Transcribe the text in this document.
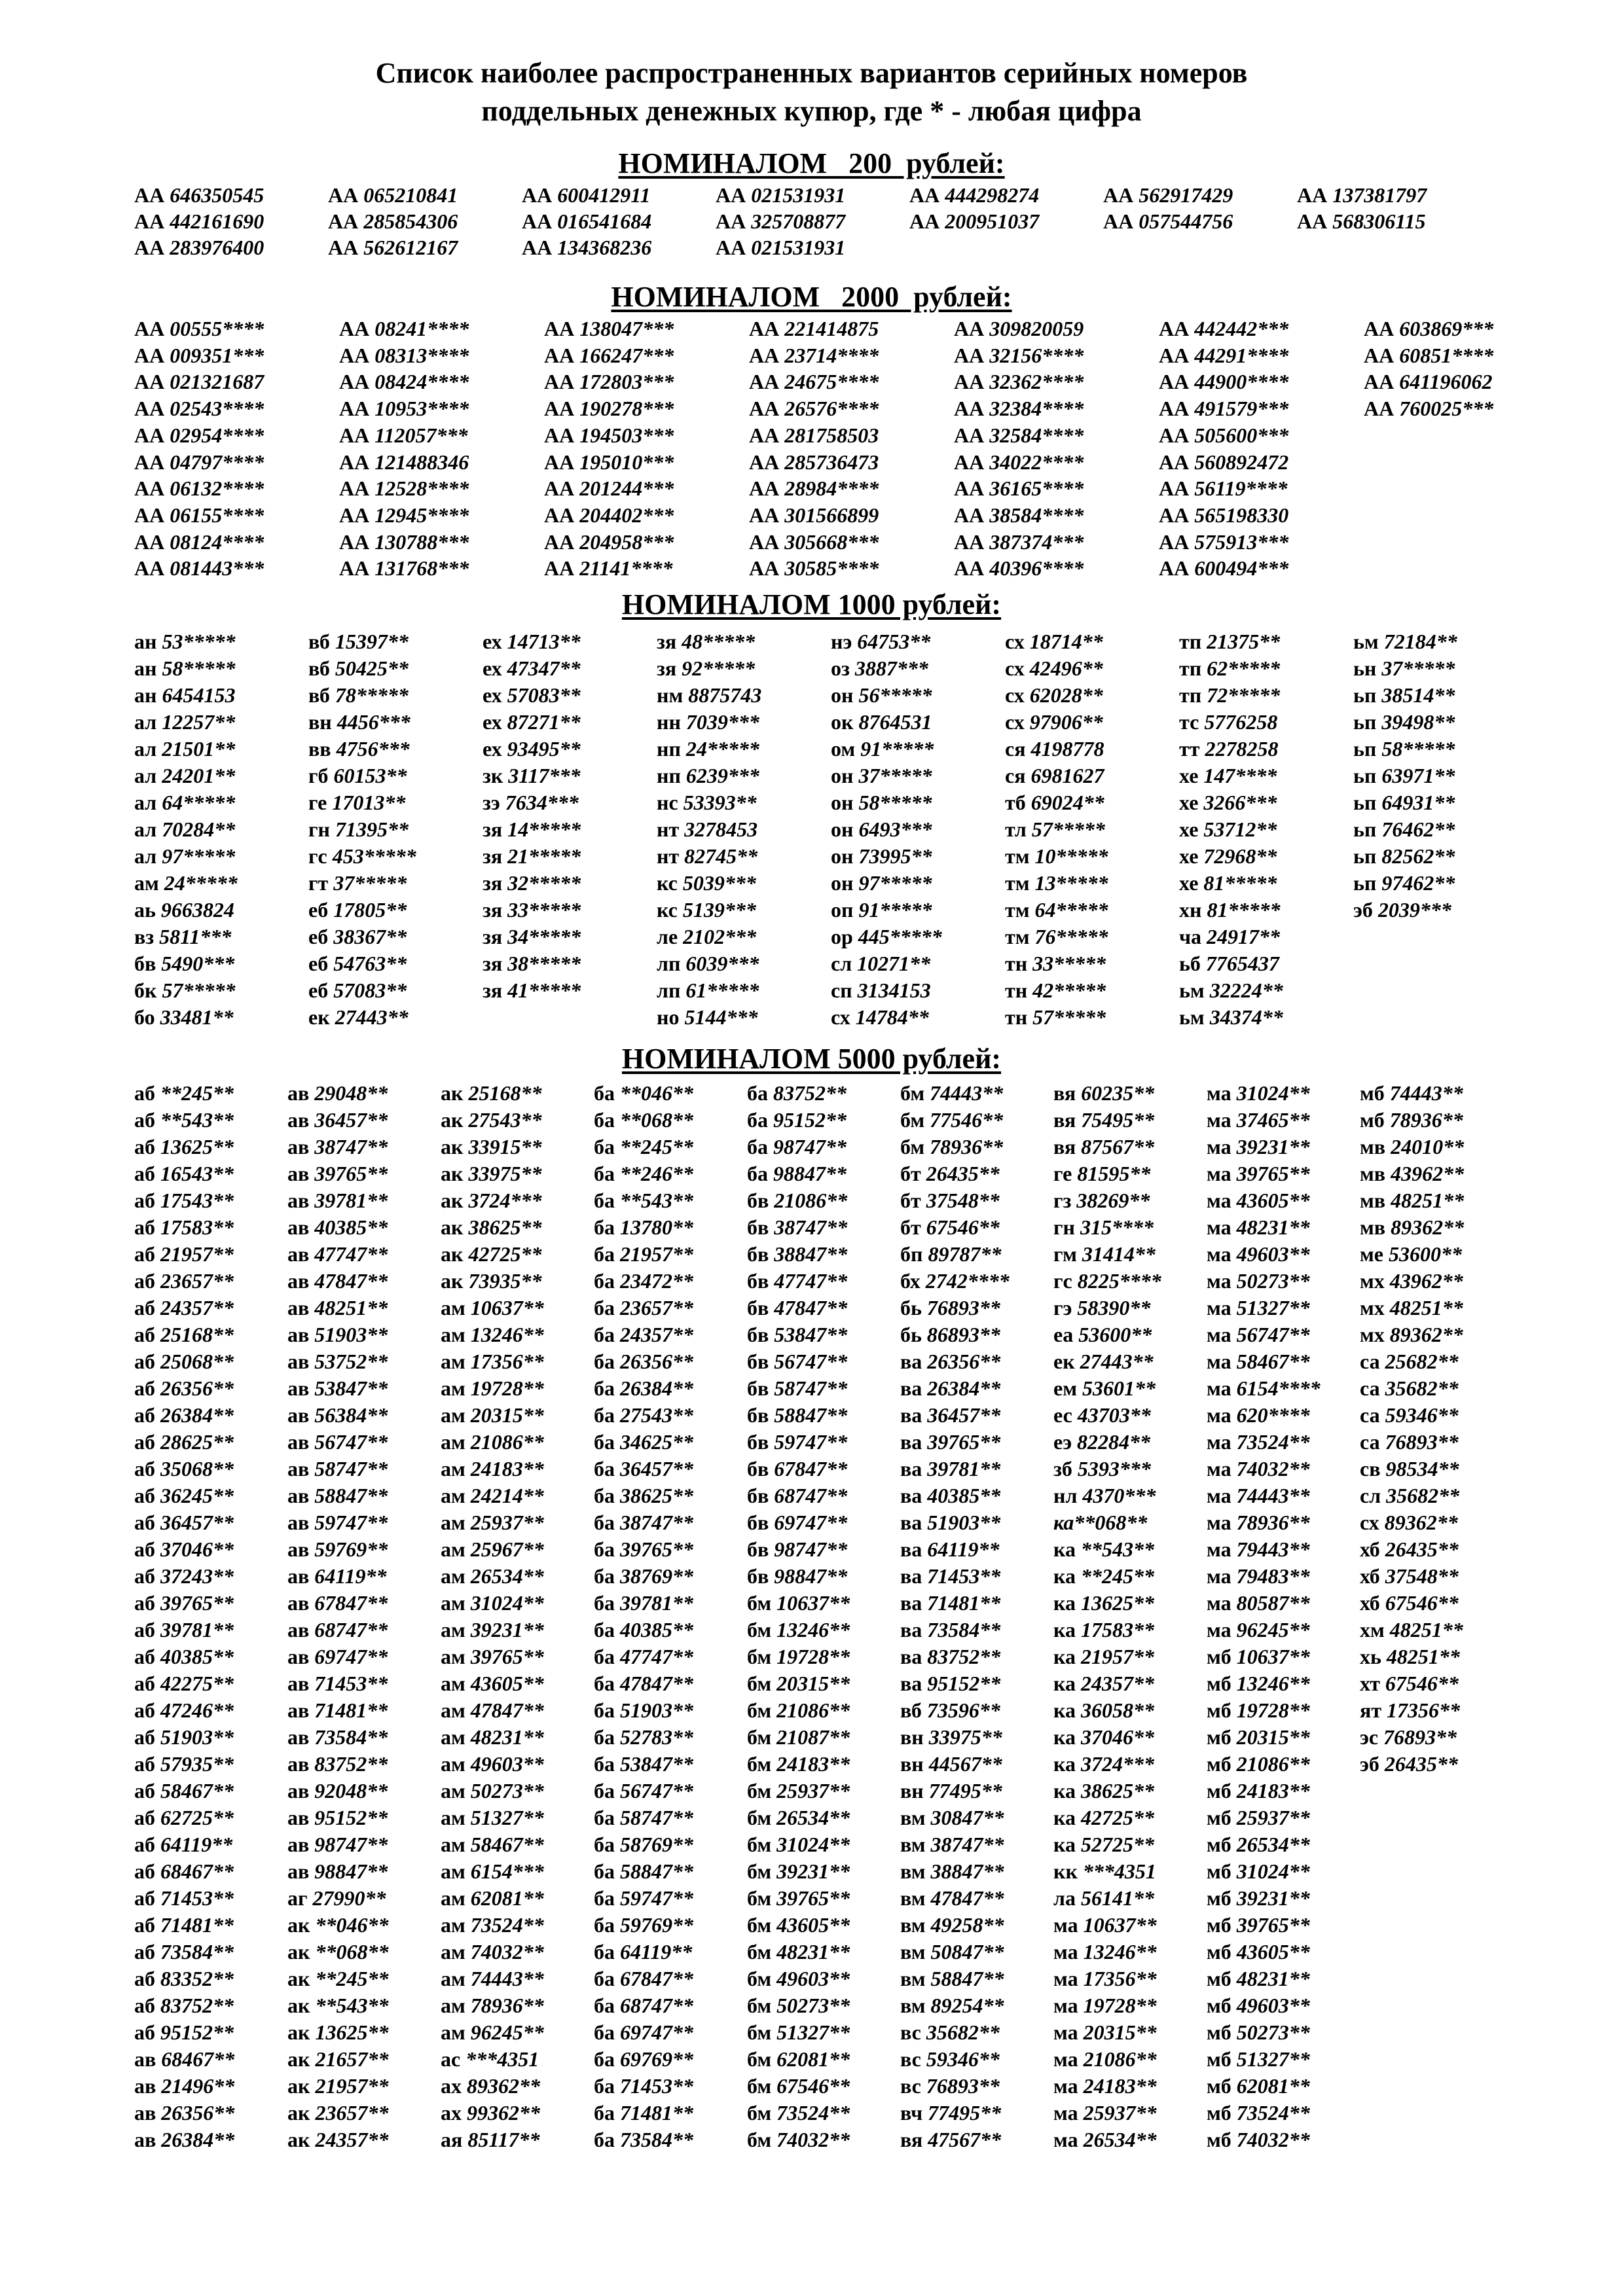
Список наиболее распространенных вариантов серийных номеров
поддельных денежных купюр, где * - любая цифра
НОМИНАЛОМ   200  рублей:
АА 646350545
АА 442161690
АА 283976400
АА 065210841
АА 285854306
АА 562612167
АА 600412911
АА 016541684
АА 134368236
АА 021531931
АА 325708877
АА 021531931
АА 444298274
АА 200951037
АА 562917429
АА 057544756
АА 137381797
АА 568306115
НОМИНАЛОМ   2000  рублей:
АА 00555****
АА 009351***
АА 021321687
АА 02543****
АА 02954****
АА 04797****
АА 06132****
АА 06155****
АА 08124****
АА 081443***
АА 08241****
АА 08313****
АА 08424****
АА 10953****
АА 112057***
АА 121488346
АА 12528****
АА 12945****
АА 130788***
АА 131768***
АА 138047***
АА 166247***
АА 172803***
АА 190278***
АА 194503***
АА 195010***
АА 201244***
АА 204402***
АА 204958***
АА 21141****
АА 221414875
АА 23714****
АА 24675****
АА 26576****
АА 281758503
АА 285736473
АА 28984****
АА 301566899
АА 305668***
АА 30585****
АА 309820059
АА 32156****
АА 32362****
АА 32384****
АА 32584****
АА 34022****
АА 36165****
АА 38584****
АА 387374***
АА 40396****
АА 442442***
АА 44291****
АА 44900****
АА 491579***
АА 505600***
АА 560892472
АА 56119****
АА 565198330
АА 575913***
АА 600494***
АА 603869***
АА 60851****
АА 641196062
АА 760025***
НОМИНАЛОМ 1000 рублей:
ан 53*****
ан 58*****
ан 6454153
ал 12257**
ал 21501**
ал 24201**
ал 64*****
ал 70284**
ал 97*****
ам 24*****
аь 9663824
вз 5811***
бв 5490***
бк 57*****
бо 33481**
вб 15397**
вб 50425**
вб 78*****
вн 4456***
вв 4756***
гб 60153**
ге 17013**
гн 71395**
гс 453*****
гт 37*****
еб 17805**
еб 38367**
еб 54763**
еб 57083**
ек 27443**
ех 14713**
ех 47347**
ех 57083**
ех 87271**
ех 93495**
зк 3117***
зэ 7634***
зя 14*****
зя 21*****
зя 32*****
зя 33*****
зя 34*****
зя 38*****
зя 41*****
зя 48*****
зя 92*****
нм 8875743
нн 7039***
нп 24*****
нп 6239***
нс 53393**
нт 3278453
нт 82745**
кс 5039***
кс 5139***
ле 2102***
лп 6039***
лп 61*****
но 5144***
нэ 64753**
оз 3887***
он 56*****
ок 8764531
ом 91*****
он 37*****
он 58*****
он 6493***
он 73995**
он 97*****
оп 91*****
ор 445*****
сл 10271**
сп 3134153
сх 14784**
сх 18714**
сх 42496**
сх 62028**
сх 97906**
ся 4198778
ся 6981627
тб 69024**
тл 57*****
тм 10*****
тм 13*****
тм 64*****
тм 76*****
тн 33*****
тн 42*****
тн 57*****
тп 21375**
тп 62*****
тп 72*****
тс 5776258
тт 2278258
хе 147****
хе 3266***
хе 53712**
хе 72968**
хе 81*****
хн 81*****
ча 24917**
ьб 7765437
ьм 32224**
ьм 34374**
ьм 72184**
ьн 37*****
ьп 38514**
ьп 39498**
ьп 58*****
ьп 63971**
ьп 64931**
ьп 76462**
ьп 82562**
ьп 97462**
эб 2039***
НОМИНАЛОМ 5000 рублей:
аб **245**
аб **543**
аб 13625**
аб 16543**
аб 17543**
аб 17583**
аб 21957**
аб 23657**
аб 24357**
аб 25168**
аб 25068**
аб 26356**
аб 26384**
аб 28625**
аб 35068**
аб 36245**
аб 36457**
аб 37046**
аб 37243**
аб 39765**
аб 39781**
аб 40385**
аб 42275**
аб 47246**
аб 51903**
аб 57935**
аб 58467**
аб 62725**
аб 64119**
аб 68467**
аб 71453**
аб 71481**
аб 73584**
аб 83352**
аб 83752**
аб 95152**
ав 68467**
ав 21496**
ав 26356**
ав 26384**
ав 29048**
ав 36457**
ав 38747**
ав 39765**
ав 39781**
ав 40385**
ав 47747**
ав 47847**
ав 48251**
ав 51903**
ав 53752**
ав 53847**
ав 56384**
ав 56747**
ав 58747**
ав 58847**
ав 59747**
ав 59769**
ав 64119**
ав 67847**
ав 68747**
ав 69747**
ав 71453**
ав 71481**
ав 73584**
ав 83752**
ав 92048**
ав 95152**
ав 98747**
ав 98847**
аг 27990**
ак **046**
ак **068**
ак **245**
ак **543**
ак 13625**
ак 21657**
ак 21957**
ак 23657**
ак 24357**
ак 25168**
ак 27543**
ак 33915**
ак 33975**
ак 3724***
ак 38625**
ак 42725**
ак 73935**
ам 10637**
ам 13246**
ам 17356**
ам 19728**
ам 20315**
ам 21086**
ам 24183**
ам 24214**
ам 25937**
ам 25967**
ам 26534**
ам 31024**
ам 39231**
ам 39765**
ам 43605**
ам 47847**
ам 48231**
ам 49603**
ам 50273**
ам 51327**
ам 58467**
ам 6154***
ам 62081**
ам 73524**
ам 74032**
ам 74443**
ам 78936**
ам 96245**
ас ***4351
ах 89362**
ах 99362**
ая 85117**
ба **046**
ба **068**
ба **245**
ба **246**
ба **543**
ба 13780**
ба 21957**
ба 23472**
ба 23657**
ба 24357**
ба 26356**
ба 26384**
ба 27543**
ба 34625**
ба 36457**
ба 38625**
ба 38747**
ба 39765**
ба 38769**
ба 39781**
ба 40385**
ба 47747**
ба 47847**
ба 51903**
ба 52783**
ба 53847**
ба 56747**
ба 58747**
ба 58769**
ба 58847**
ба 59747**
ба 59769**
ба 64119**
ба 67847**
ба 68747**
ба 69747**
ба 69769**
ба 71453**
ба 71481**
ба 73584**
ба 83752**
ба 95152**
ба 98747**
ба 98847**
бв 21086**
бв 38747**
бв 38847**
бв 47747**
бв 47847**
бв 53847**
бв 56747**
бв 58747**
бв 58847**
бв 59747**
бв 67847**
бв 68747**
бв 69747**
бв 98747**
бв 98847**
бм 10637**
бм 13246**
бм 19728**
бм 20315**
бм 21086**
бм 21087**
бм 24183**
бм 25937**
бм 26534**
бм 31024**
бм 39231**
бм 39765**
бм 43605**
бм 48231**
бм 49603**
бм 50273**
бм 51327**
бм 62081**
бм 67546**
бм 73524**
бм 74032**
бм 74443**
бм 77546**
бм 78936**
бт 26435**
бт 37548**
бт 67546**
бп 89787**
бх 2742****
бь 76893**
бь 86893**
ва 26356**
ва 26384**
ва 36457**
ва 39765**
ва 39781**
ва 40385**
ва 51903**
ва 64119**
ва 71453**
ва 71481**
ва 73584**
ва 83752**
ва 95152**
вб 73596**
вн 33975**
вн 44567**
вн 77495**
вм 30847**
вм 38747**
вм 38847**
вм 47847**
вм 49258**
вм 50847**
вм 58847**
вм 89254**
вс 35682**
вс 59346**
вс 76893**
вч 77495**
вя 47567**
вя 60235**
вя 75495**
вя 87567**
ге 81595**
гз 38269**
гн 315****
гм 31414**
гс 8225****
гэ 58390**
еа 53600**
ек 27443**
ем 53601**
ес 43703**
еэ 82284**
зб 5393***
нл 4370***
ка**068**
ка **543**
ка **245**
ка 13625**
ка 17583**
ка 21957**
ка 24357**
ка 36058**
ка 37046**
ка 3724***
ка 38625**
ка 42725**
ка 52725**
кк ***4351
ла 56141**
ма 10637**
ма 13246**
ма 17356**
ма 19728**
ма 20315**
ма 21086**
ма 24183**
ма 25937**
ма 26534**
ма 31024**
ма 37465**
ма 39231**
ма 39765**
ма 43605**
ма 48231**
ма 49603**
ма 50273**
ма 51327**
ма 56747**
ма 58467**
ма 6154****
ма 620****
ма 73524**
ма 74032**
ма 74443**
ма 78936**
ма 79443**
ма 79483**
ма 80587**
ма 96245**
мб 10637**
мб 13246**
мб 19728**
мб 20315**
мб 21086**
мб 24183**
мб 25937**
мб 26534**
мб 31024**
мб 39231**
мб 39765**
мб 43605**
мб 48231**
мб 49603**
мб 50273**
мб 51327**
мб 62081**
мб 73524**
мб 74032**
мб 74443**
мб 78936**
мв 24010**
мв 43962**
мв 48251**
мв 89362**
ме 53600**
мх 43962**
мх 48251**
мх 89362**
са 25682**
са 35682**
са 59346**
са 76893**
св 98534**
сл 35682**
сх 89362**
хб 26435**
хб 37548**
хб 67546**
хм 48251**
хь 48251**
хт 67546**
ят 17356**
эс 76893**
эб 26435**
